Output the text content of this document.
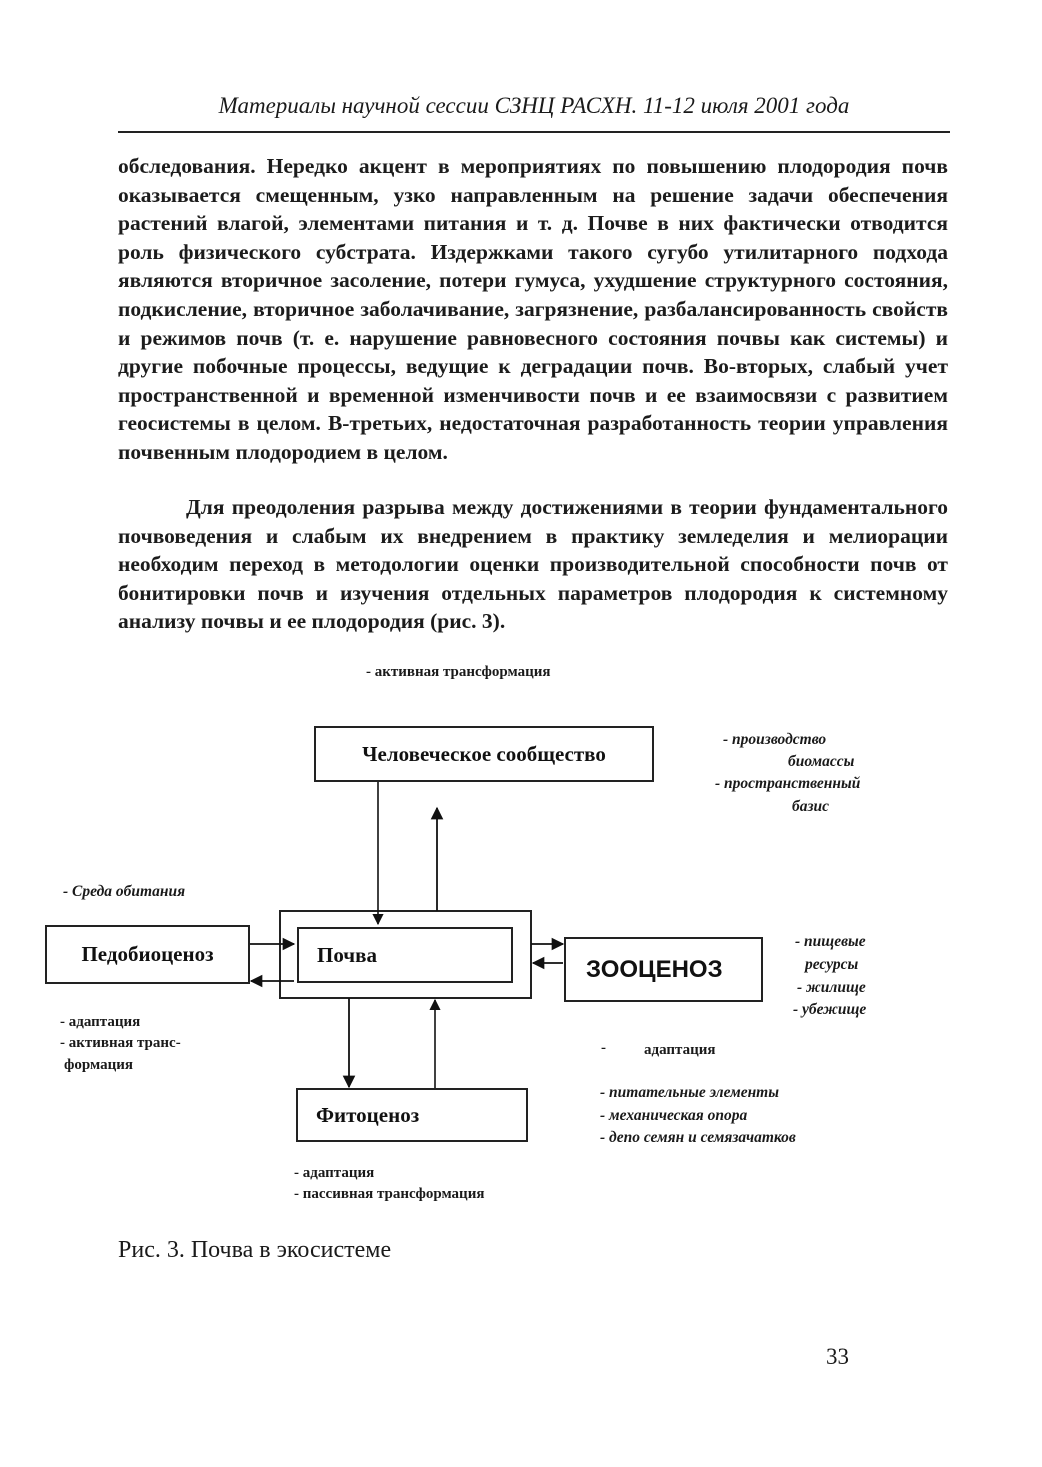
Материалы научной сессии СЗНЦ РАСХН. 11-12 июля 2001 года

обследования. Нередко акцент в мероприятиях по повышению плодородия почв оказывается смещенным, узко направленным на решение задачи обеспечения растений влагой, элементами питания и т. д. Почве в них фактически отводится роль физического субстрата. Издержками такого сугубо утилитарного подхода являются вторичное засоление, потери гумуса, ухудшение структурного состояния, подкисление, вторичное заболачивание, загрязнение, разбалансированность свойств и режимов почв (т. е. нарушение равновесного состояния почвы как системы) и другие побочные процессы, ведущие к деградации почв. Во-вторых, слабый учет пространственной и временной изменчивости почв и ее взаимосвязи с развитием геосистемы в целом. В-третьих, недостаточная разработанность теории управления почвенным плодородием в целом.

Для преодоления разрыва между достижениями в теории фундаментального почвоведения и слабым их внедрением в практику земледелия и мелиорации необходим переход в методологии оценки производительной способности почв от бонитировки почв и изучения отдельных параметров плодородия к системному анализу почвы и ее плодородия (рис. 3).

Человеческое сообщество
Почва
Педобиоценоз
ЗООЦЕНОЗ
Фитоценоз
- активная трансформация
- производство
биомассы
- пространственный
базис
- Среда обитания
- адаптация
- активная транс-
формация
- пищевые
ресурсы
- жилище
- убежище
-	адаптация
- питательные элементы
- механическая опора
- депо семян и семязачатков
- адаптация
- пассивная трансформация
Рис. 3. Почва в экосистеме
33
